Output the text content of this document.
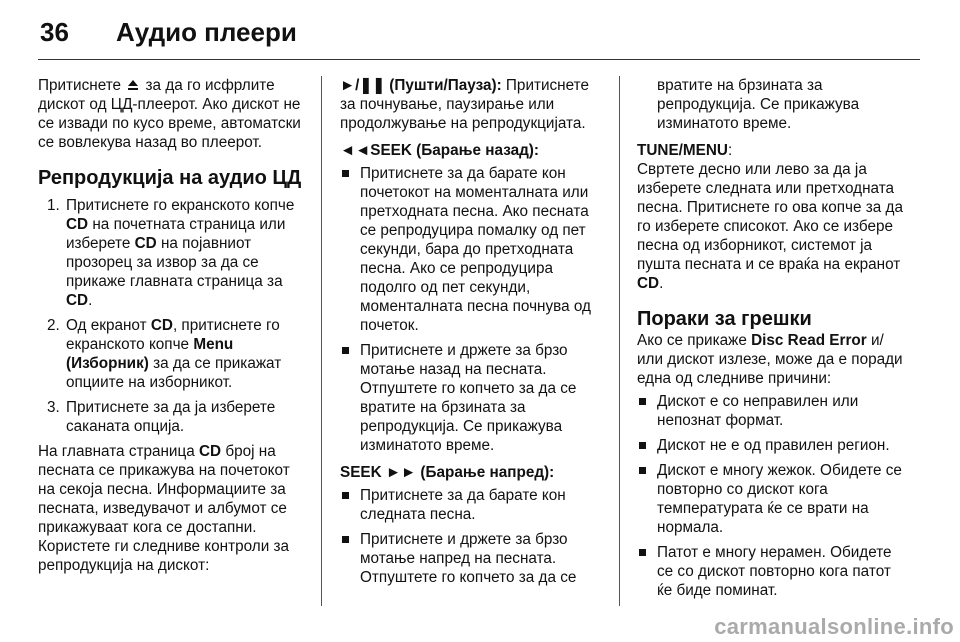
36 Аудио плеери

Притиснете  за да го исфрлите дискот од ЦД-плеерот. Ако дискот не се извади по кусо време, автоматски се вовлекува назад во плеерот.

Репродукција на аудио ЦД
1. Притиснете го екранското копче CD на почетната страница или изберете CD на појавниот прозорец за извор за да се прикаже главната страница за CD.
2. Од екранот CD, притиснете го екранското копче Menu (Изборник) за да се прикажат опциите на изборникот.
3. Притиснете за да ја изберете саканата опција.

На главната страница CD број на песната се прикажува на почетокот на секоја песна. Информациите за песната, изведувачот и албумот се прикажуваат кога се достапни.

Користете ги следниве контроли за репродукција на дискот:

►/❚❚ (Пушти/Пауза): Притиснете за почнување, паузирање или продолжување на репродукцијата.

◄◄SEEK (Барање назад):
Притиснете за да барате кон почетокот на моменталната или претходната песна. Ако песната се репродуцира помалку од пет секунди, бара до претходната песна. Ако се репродуцира подолго од пет секунди, моменталната песна почнува од почеток.
Притиснете и држете за брзо мотање назад на песната. Отпуштете го копчето за да се вратите на брзината за репродукција. Се прикажува изминатото време.
SEEK ►► (Барање напред):
Притиснете за да барате кон следната песна.
Притиснете и држете за брзо мотање напред на песната. Отпуштете го копчето за да се

вратите на брзината за репродукција. Се прикажува изминатото време.

TUNE/MENU:

Свртете десно или лево за да ја изберете следната или претходната песна. Притиснете го ова копче за да го изберете списокот. Ако се избере песна од изборникот, системот ја пушта песната и се враќа на екранот CD.

Пораки за грешки

Ако се прикаже Disc Read Error и/или дискот излезе, може да е поради една од следниве причини:

Дискот е со неправилен или непознат формат.
Дискот не е од правилен регион.
Дискот е многу жежок. Обидете се повторно со дискот кога температурата ќе се врати на нормала.
Патот е многу нерамен. Обидете се со дискот повторно кога патот ќе биде поминат.
carmanualsonline.info
